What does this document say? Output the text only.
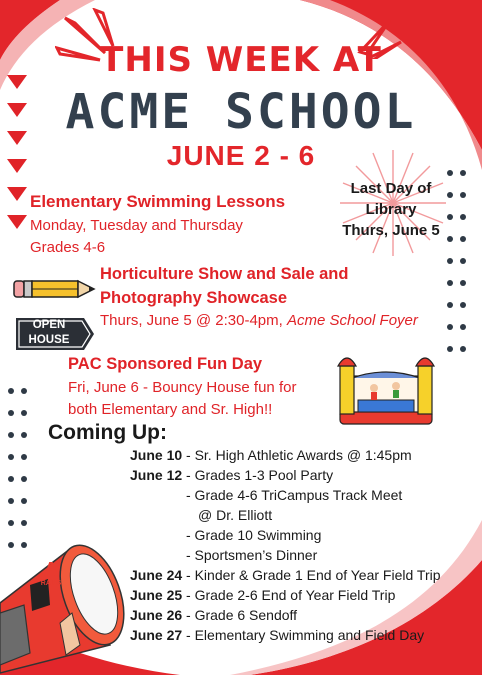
THIS WEEK AT
ACME SCHOOL
JUNE 2 - 6
Elementary Swimming Lessons
Monday, Tuesday and Thursday
Grades 4-6
Last Day of
Library
Thurs, June 5

OPEN
HOUSE
Horticulture Show and Sale and
Photography Showcase
Thurs, June 5 @ 2:30-4pm, Acme School Foyer
PAC Sponsored Fun Day
Fri, June 6 - Bouncy House fun for
both Elementary and Sr. High!!

Coming Up:
June 10 - Sr. High Athletic Awards @ 1:45pm
June 12 - Grades 1-3 Pool Party
- Grade 4-6 TriCampus Track Meet
@ Dr. Elliott
- Grade 10 Swimming
- Sportsmen’s Dinner
June 24 - Kinder & Grade 1 End of Year Field Trip
June 25 - Grade 2-6 End of Year Field Trip
June 26 - Grade 6 Sendoff
June 27 - Elementary Swimming and Field Day
A
RAMS
